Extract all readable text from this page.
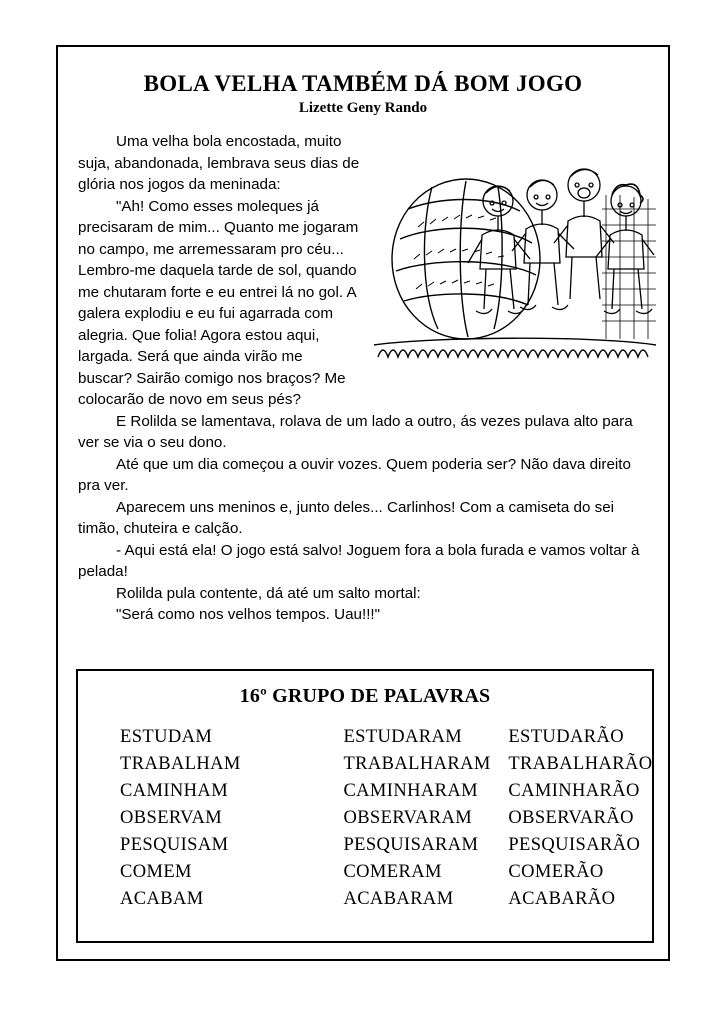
BOLA VELHA TAMBÉM DÁ BOM JOGO
Lizette Geny Rando

Uma velha bola encostada, muito suja, abandonada, lembrava seus dias de glória nos jogos da meninada:

"Ah! Como esses moleques já precisaram de mim... Quanto me jogaram no campo, me arremessaram pro céu... Lembro-me daquela tarde de sol, quando me chutaram forte e eu entrei lá no gol. A galera explodiu e eu fui agarrada com alegria. Que folia! Agora estou aqui, largada. Será que ainda virão me buscar? Sairão comigo nos braços? Me colocarão de novo em seus pés?

E Rolilda se lamentava, rolava de um lado a outro, ás vezes pulava alto para ver se via o seu dono.

Até que um dia começou a ouvir vozes. Quem poderia ser? Não dava direito pra ver.

Aparecem uns meninos e, junto deles... Carlinhos! Com a camiseta do sei timão, chuteira e calção.

- Aqui está ela! O jogo está salvo! Joguem fora a bola furada e vamos voltar à pelada!

Rolilda pula contente, dá até um salto mortal:

"Será como nos velhos tempos. Uau!!!"

16º GRUPO DE PALAVRAS
ESTUDAM
TRABALHAM
CAMINHAM
OBSERVAM
PESQUISAM
COMEM
ACABAM
ESTUDARAM
TRABALHARAM
CAMINHARAM
OBSERVARAM
PESQUISARAM
COMERAM
ACABARAM
ESTUDARÃO
TRABALHARÃO
CAMINHARÃO
OBSERVARÃO
PESQUISARÃO
COMERÃO
ACABARÃO
